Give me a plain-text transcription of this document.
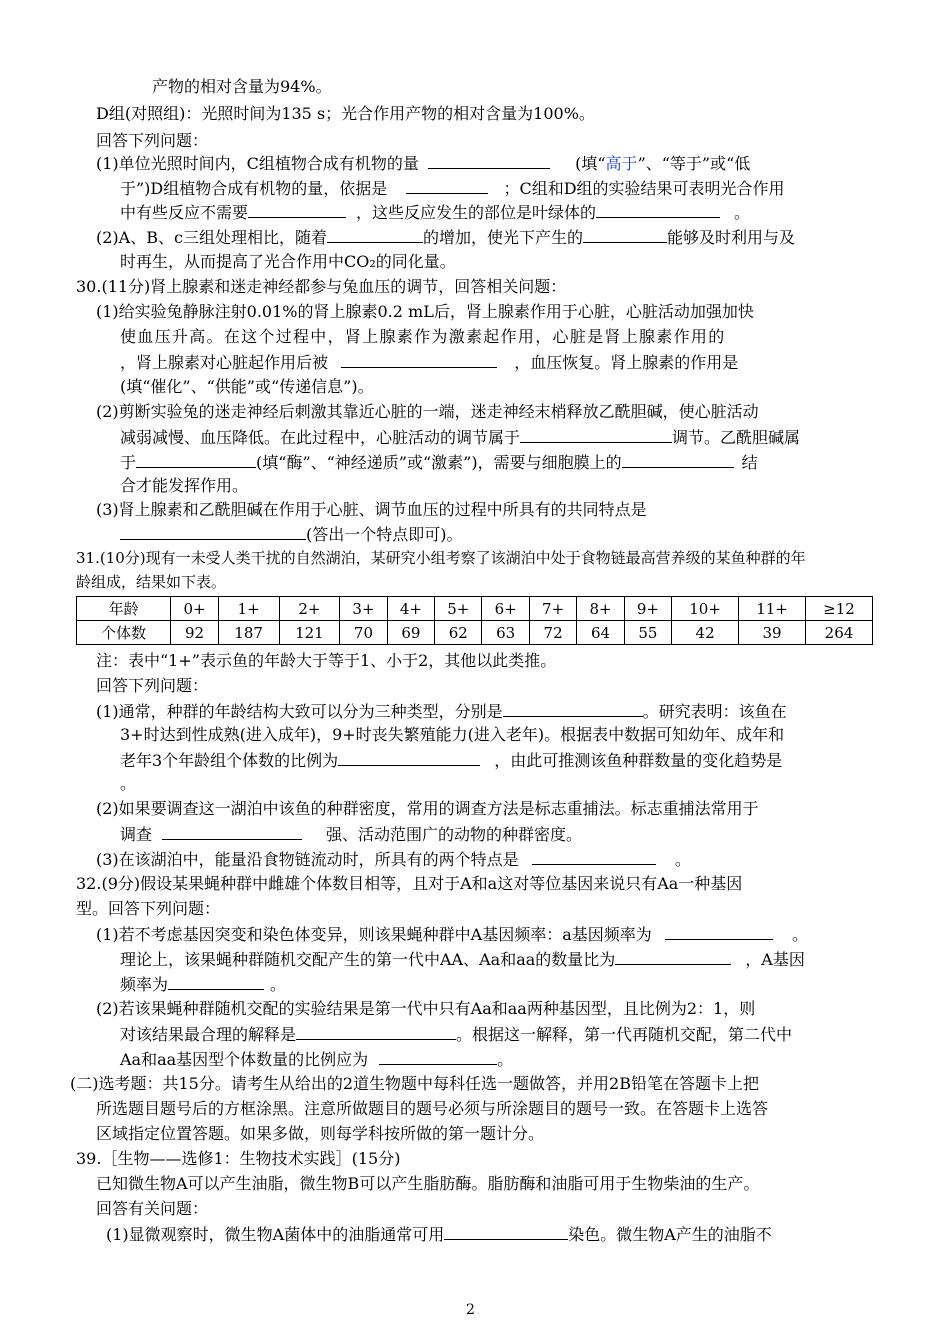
产物的相对含量为94%。
D组(对照组)：光照时间为135 s；光合作用产物的相对含量为100%。
回答下列问题：
(1)单位光照时间内，C组植物合成有机物的量	(填“高于”、“等于”或“低
于”)D组植物合成有机物的量，依据是	；C组和D组的实验结果可表明光合作用
中有些反应不需要	，这些反应发生的部位是叶绿体的	。
(2)A、B、c三组处理相比，随着	的增加，使光下产生的	能够及时利用与及
时再生，从而提高了光合作用中CO₂的同化量。
30.(11分)肾上腺素和迷走神经都参与兔血压的调节，回答相关问题：
(1)给实验兔静脉注射0.01%的肾上腺素0.2 mL后，肾上腺素作用于心脏，心脏活动加强加快
使血压升高。在这个过程中，肾上腺素作为激素起作用，心脏是肾上腺素作用的
，肾上腺素对心脏起作用后被	，血压恢复。肾上腺素的作用是
(填“催化”、“供能”或“传递信息”)。
(2)剪断实验兔的迷走神经后刺激其靠近心脏的一端，迷走神经末梢释放乙酰胆碱，使心脏活动
减弱减慢、血压降低。在此过程中，心脏活动的调节属于	调节。乙酰胆碱属
于	(填“酶”、“神经递质”或“激素”)，需要与细胞膜上的	结
合才能发挥作用。
(3)肾上腺素和乙酰胆碱在作用于心脏、调节血压的过程中所具有的共同特点是
(答出一个特点即可)。
31.(10分)现有一未受人类干扰的自然湖泊，某研究小组考察了该湖泊中处于食物链最高营养级的某鱼种群的年
龄组成，结果如下表。
年龄	0+	1+	2+	3+	4+	5+	6+	7+	8+	9+	10+	11+	≥12
个体数	92	187	121	70	69	62	63	72	64	55	42	39	264
注：表中“1+”表示鱼的年龄大于等于1、小于2，其他以此类推。
回答下列问题：
(1)通常，种群的年龄结构大致可以分为三种类型，分别是	。研究表明：该鱼在
3+时达到性成熟(进入成年)，9+时丧失繁殖能力(进入老年)。根据表中数据可知幼年、成年和
老年3个年龄组个体数的比例为	，由此可推测该鱼种群数量的变化趋势是
。
(2)如果要调查这一湖泊中该鱼的种群密度，常用的调查方法是标志重捕法。标志重捕法常用于
调查	强、活动范围广的动物的种群密度。
(3)在该湖泊中，能量沿食物链流动时，所具有的两个特点是	。
32.(9分)假设某果蝇种群中雌雄个体数目相等，且对于A和a这对等位基因来说只有Aa一种基因
型。回答下列问题：
(1)若不考虑基因突变和染色体变异，则该果蝇种群中A基因频率：a基因频率为	。
理论上，该果蝇种群随机交配产生的第一代中AA、Aa和aa的数量比为	，A基因
频率为	。
(2)若该果蝇种群随机交配的实验结果是第一代中只有Aa和aa两种基因型，且比例为2：1，则
对该结果最合理的解释是	。根据这一解释，第一代再随机交配，第二代中
Aa和aa基因型个体数量的比例应为	。
(二)选考题：共15分。请考生从给出的2道生物题中每科任选一题做答，并用2B铅笔在答题卡上把
所选题目题号后的方框涂黑。注意所做题目的题号必须与所涂题目的题号一致。在答题卡上选答
区域指定位置答题。如果多做，则每学科按所做的第一题计分。
39.［生物——选修1：生物技术实践］(15分)
已知微生物A可以产生油脂，微生物B可以产生脂肪酶。脂肪酶和油脂可用于生物柴油的生产。
回答有关问题：
(1)显微观察时，微生物A菌体中的油脂通常可用	染色。微生物A产生的油脂不
2
